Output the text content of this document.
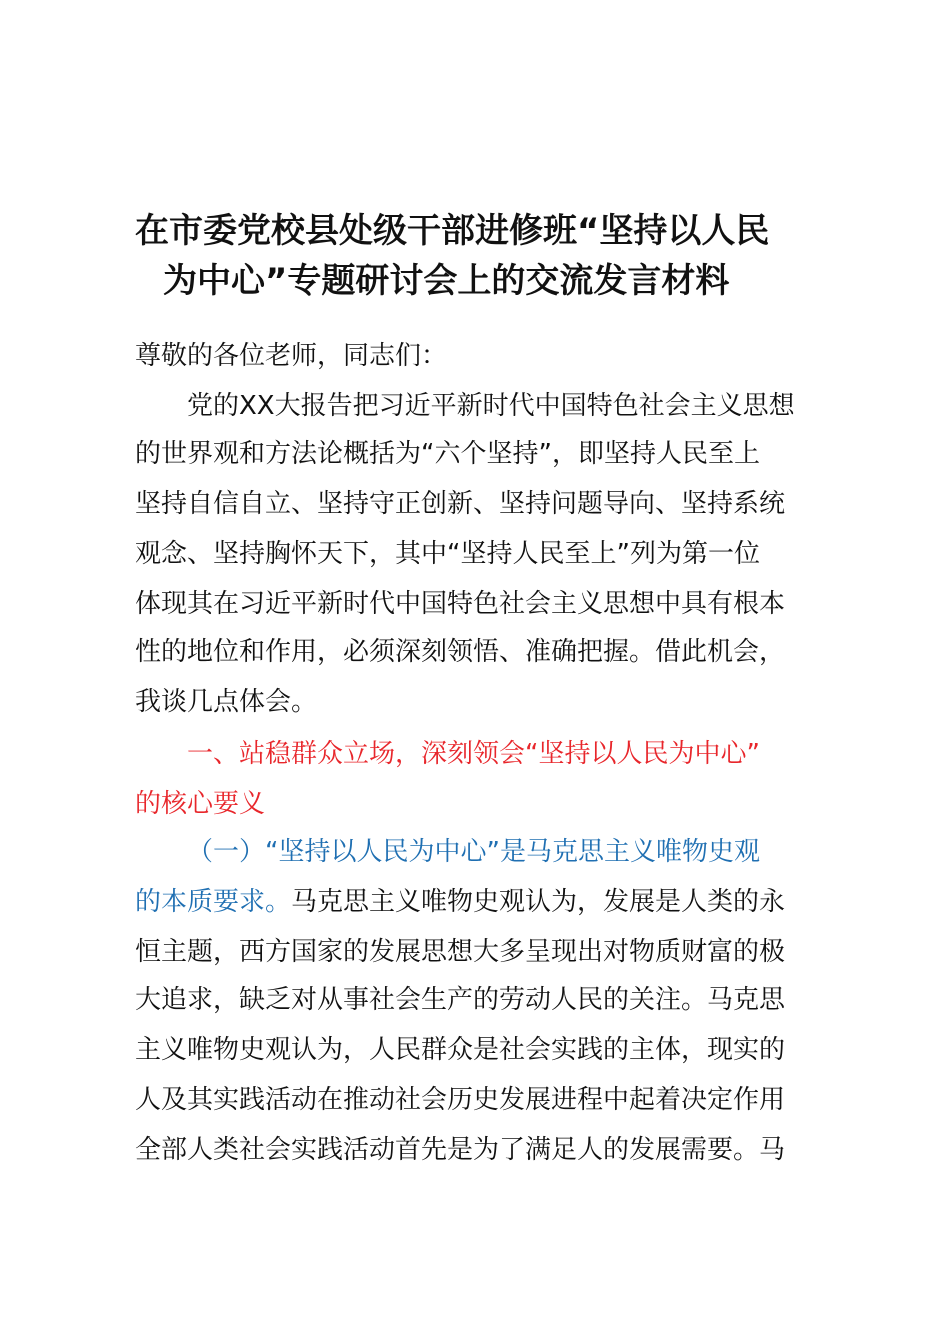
在市委党校县处级干部进修班“坚持以人民
为中心”专题研讨会上的交流发言材料
尊敬的各位老师，同志们：
党的XX大报告把习近平新时代中国特色社会主义思想
的世界观和方法论概括为“六个坚持”，即坚持人民至上
坚持自信自立、坚持守正创新、坚持问题导向、坚持系统
观念、坚持胸怀天下，其中“坚持人民至上”列为第一位
体现其在习近平新时代中国特色社会主义思想中具有根本
性的地位和作用，必须深刻领悟、准确把握。借此机会，
我谈几点体会。
一、站稳群众立场，深刻领会“坚持以人民为中心”
的核心要义
（一）“坚持以人民为中心”是马克思主义唯物史观
的本质要求。马克思主义唯物史观认为，发展是人类的永
恒主题，西方国家的发展思想大多呈现出对物质财富的极
大追求，缺乏对从事社会生产的劳动人民的关注。马克思
主义唯物史观认为，人民群众是社会实践的主体，现实的
人及其实践活动在推动社会历史发展进程中起着决定作用
全部人类社会实践活动首先是为了满足人的发展需要。马
